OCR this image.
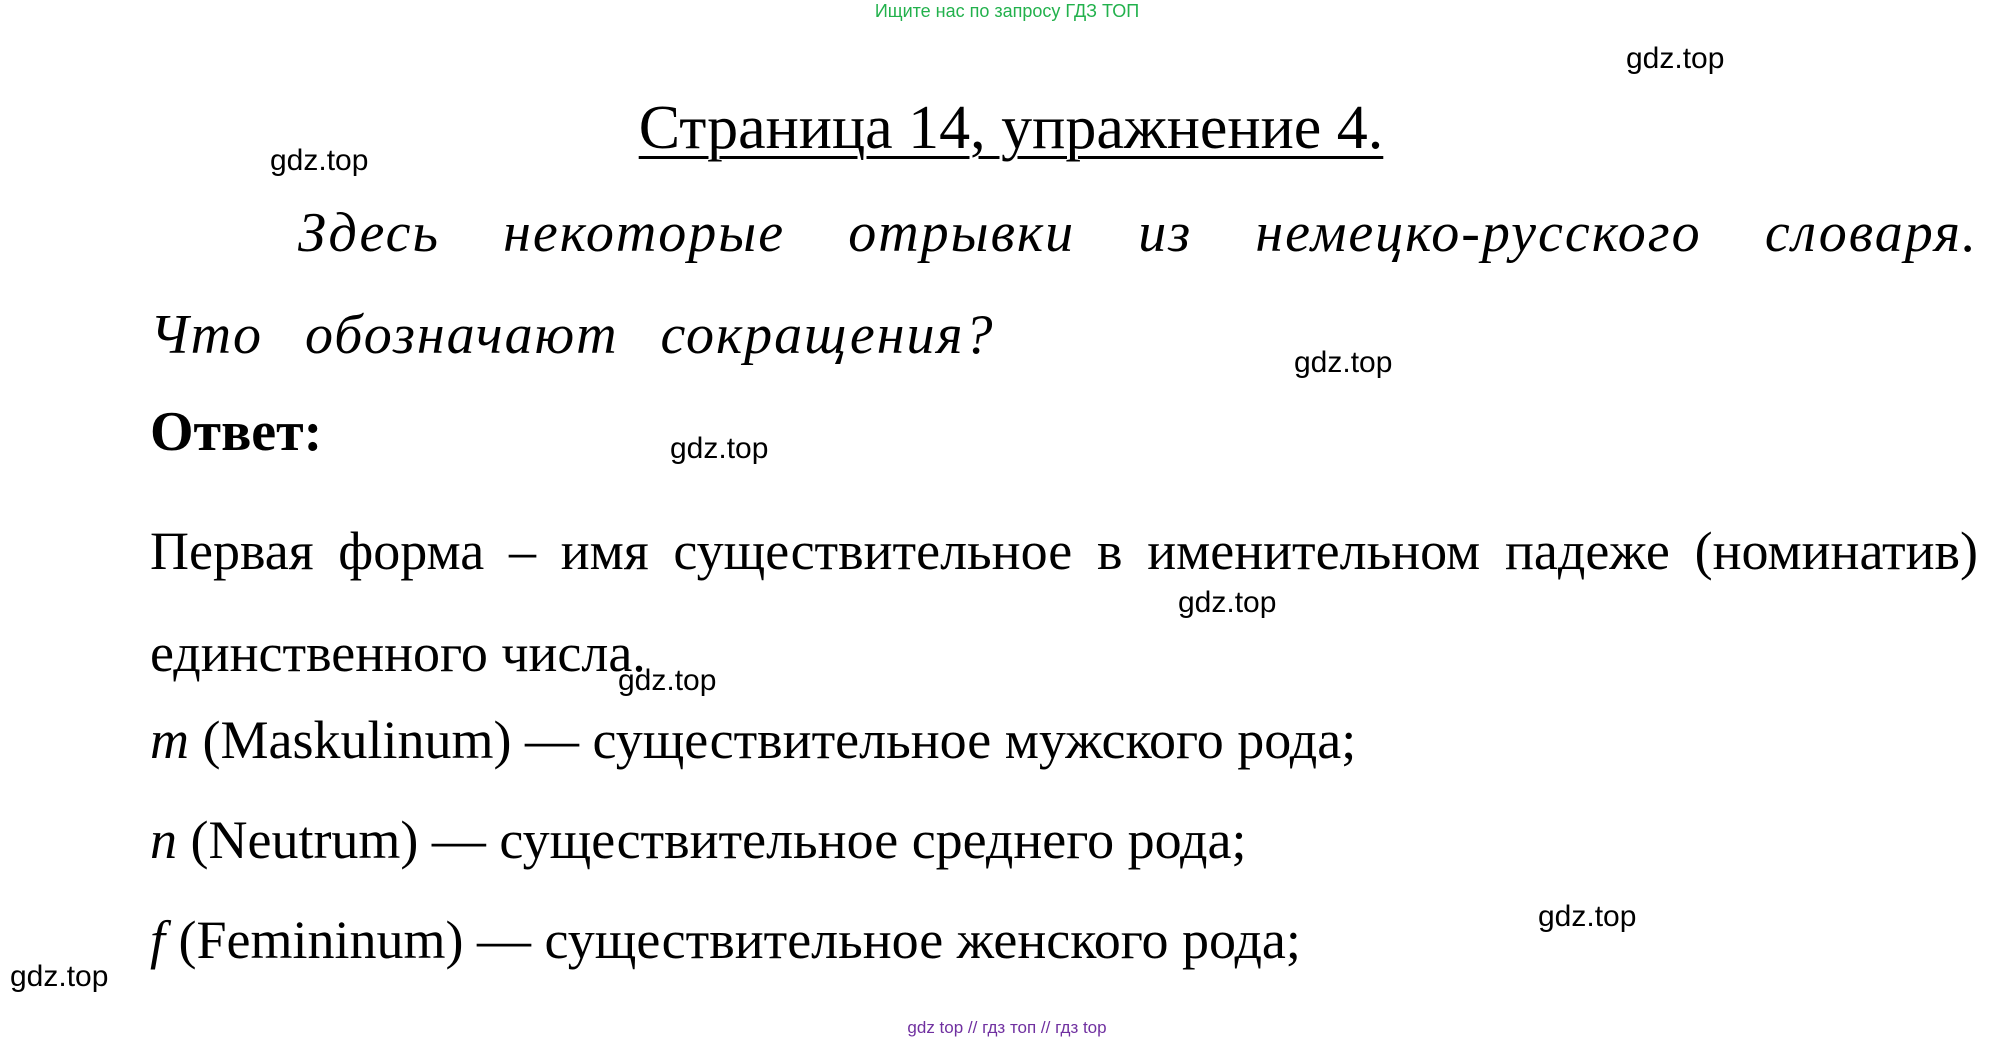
Ищите нас по запросу ГДЗ ТОП
gdz.top
gdz.top
gdz.top
gdz.top
gdz.top
gdz.top
gdz.top
gdz.top
Страница 14, упражнение 4.
Здесь некоторые отрывки из немецко-русского словаря. Что обозначают сокращения?
Ответ:
Первая форма – имя существительное в именительном падеже (номинатив) единственного числа.
m (Maskulinum) — существительное мужского рода;
n (Neutrum) — существительное среднего рода;
f (Femininum) — существительное женского рода;
gdz top // гдз топ // гдз top
